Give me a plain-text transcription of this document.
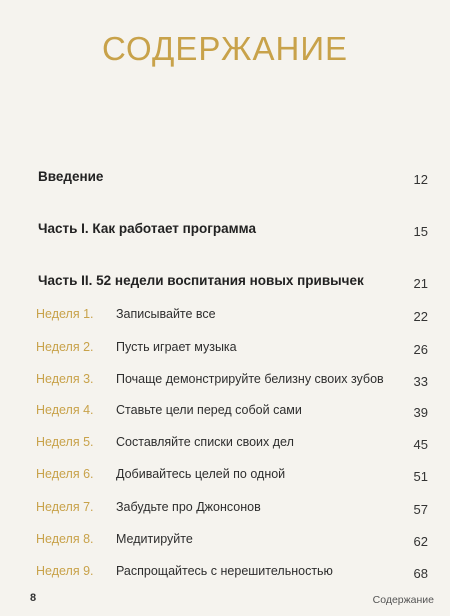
СОДЕРЖАНИЕ
Введение	12
Часть I. Как работает программа	15
Часть II. 52 недели воспитания новых привычек	21
Неделя 1. Записывайте все	22
Неделя 2. Пусть играет музыка	26
Неделя 3. Почаще демонстрируйте белизну своих зубов 33
Неделя 4. Ставьте цели перед собой сами	39
Неделя 5. Составляйте списки своих дел	45
Неделя 6. Добивайтесь целей по одной	51
Неделя 7. Забудьте про Джонсонов	57
Неделя 8. Медитируйте	62
Неделя 9. Распрощайтесь с нерешительностью	68
8	Содержание
